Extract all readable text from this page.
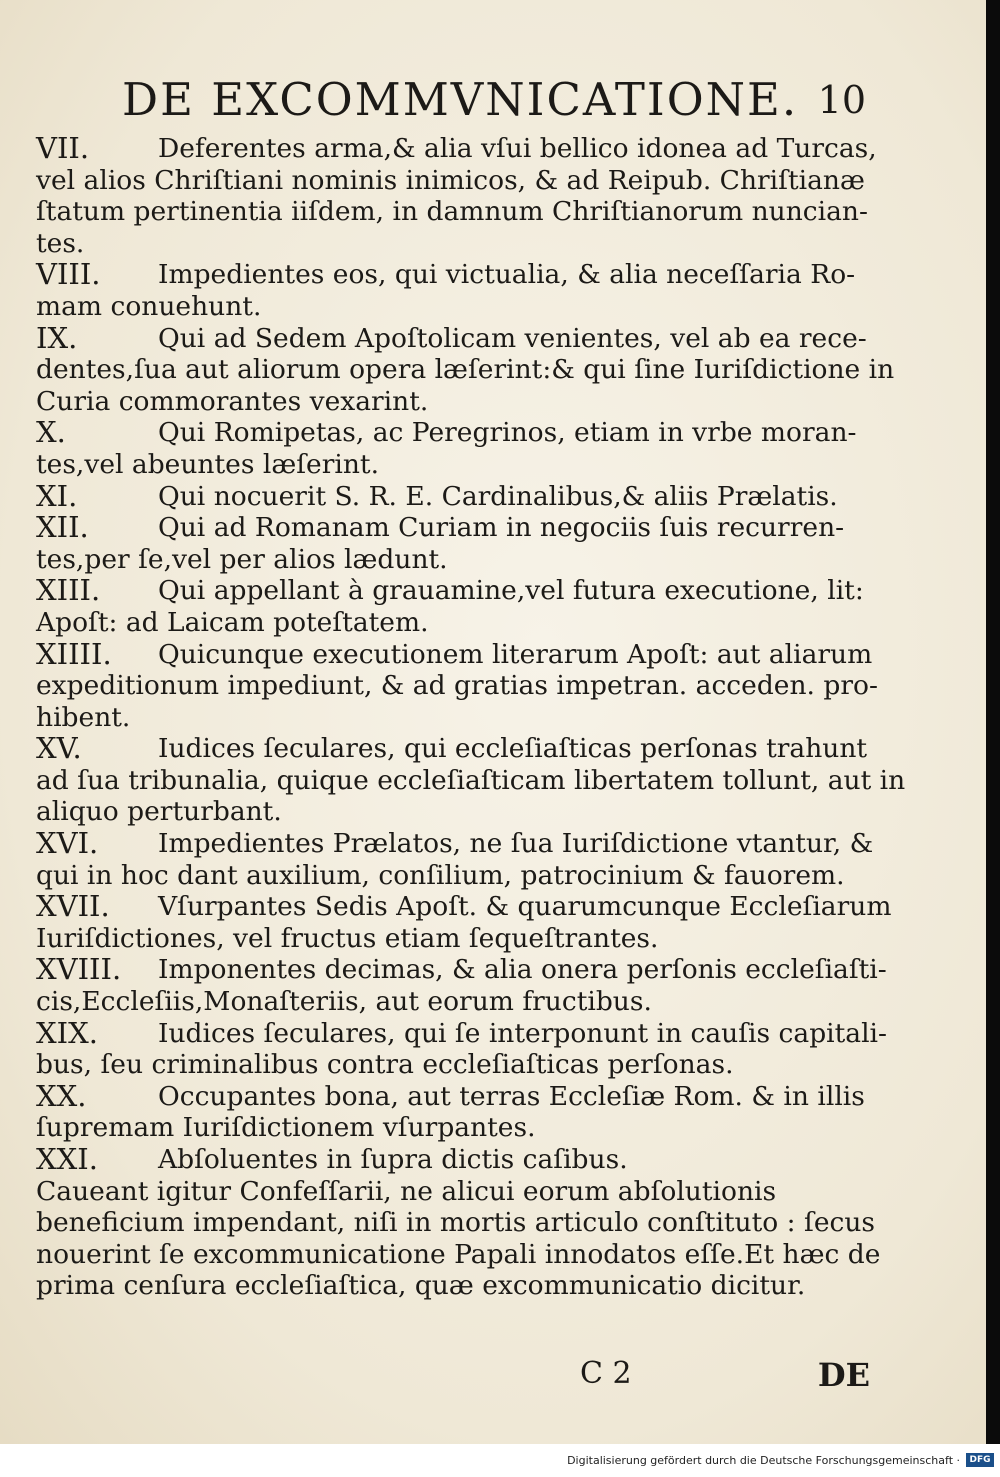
DE EXCOMMVNICATIONE. 10
VII.	Deferentes arma,& alia vſui bellico idonea ad Turcas,
vel alios Chriſtiani nominis inimicos, & ad Reipub. Chriſtianæ
ſtatum pertinentia iiſdem, in damnum Chriſtianorum nuncian-
tes.
VIII.	Impedientes eos, qui victualia, & alia neceſſaria Ro-
mam conuehunt.
IX.	Qui ad Sedem Apoſtolicam venientes, vel ab ea rece-
dentes,ſua aut aliorum opera læſerint:& qui ſine Iuriſdictione in
Curia commorantes vexarint.
X.	Qui Romipetas, ac Peregrinos, etiam in vrbe moran-
tes,vel abeuntes læſerint.
XI.	Qui nocuerit S. R. E. Cardinalibus,& aliis Prælatis.
XII.	Qui ad Romanam Curiam in negociis ſuis recurren-
tes,per ſe,vel per alios lædunt.
XIII.	Qui appellant à grauamine,vel futura executione, lit:
Apoſt: ad Laicam poteſtatem.
XIIII.	Quicunque executionem literarum Apoſt: aut aliarum
expeditionum impediunt, & ad gratias impetran. acceden. pro-
hibent.
XV.	Iudices ſeculares, qui eccleſiaſticas perſonas trahunt
ad ſua tribunalia, quique eccleſiaſticam libertatem tollunt, aut in
aliquo perturbant.
XVI.	Impedientes Prælatos, ne ſua Iuriſdictione vtantur, &
qui in hoc dant auxilium, conſilium, patrocinium & fauorem.
XVII.	Vſurpantes Sedis Apoſt. & quarumcunque Eccleſiarum
Iuriſdictiones, vel fructus etiam ſequeſtrantes.
XVIII.	Imponentes decimas, & alia onera perſonis eccleſiaſti-
cis,Eccleſiis,Monaſteriis, aut eorum fructibus.
XIX.	Iudices ſeculares, qui ſe interponunt in cauſis capitali-
bus, ſeu criminalibus contra eccleſiaſticas perſonas.
XX.	Occupantes bona, aut terras Eccleſiæ Rom. & in illis
ſupremam Iuriſdictionem vſurpantes.
XXI.	Abſoluentes in ſupra dictis caſibus.
Caueant igitur Confeſſarii, ne alicui eorum abſolutionis
beneficium impendant, niſi in mortis articulo conſtituto : ſecus
nouerint ſe excommunicatione Papali innodatos eſſe.Et hæc de
prima cenſura eccleſiaſtica, quæ excommunicatio dicitur.
C 2	DE
Digitalisierung gefördert durch die Deutsche Forschungsgemeinschaft ·	DFG
